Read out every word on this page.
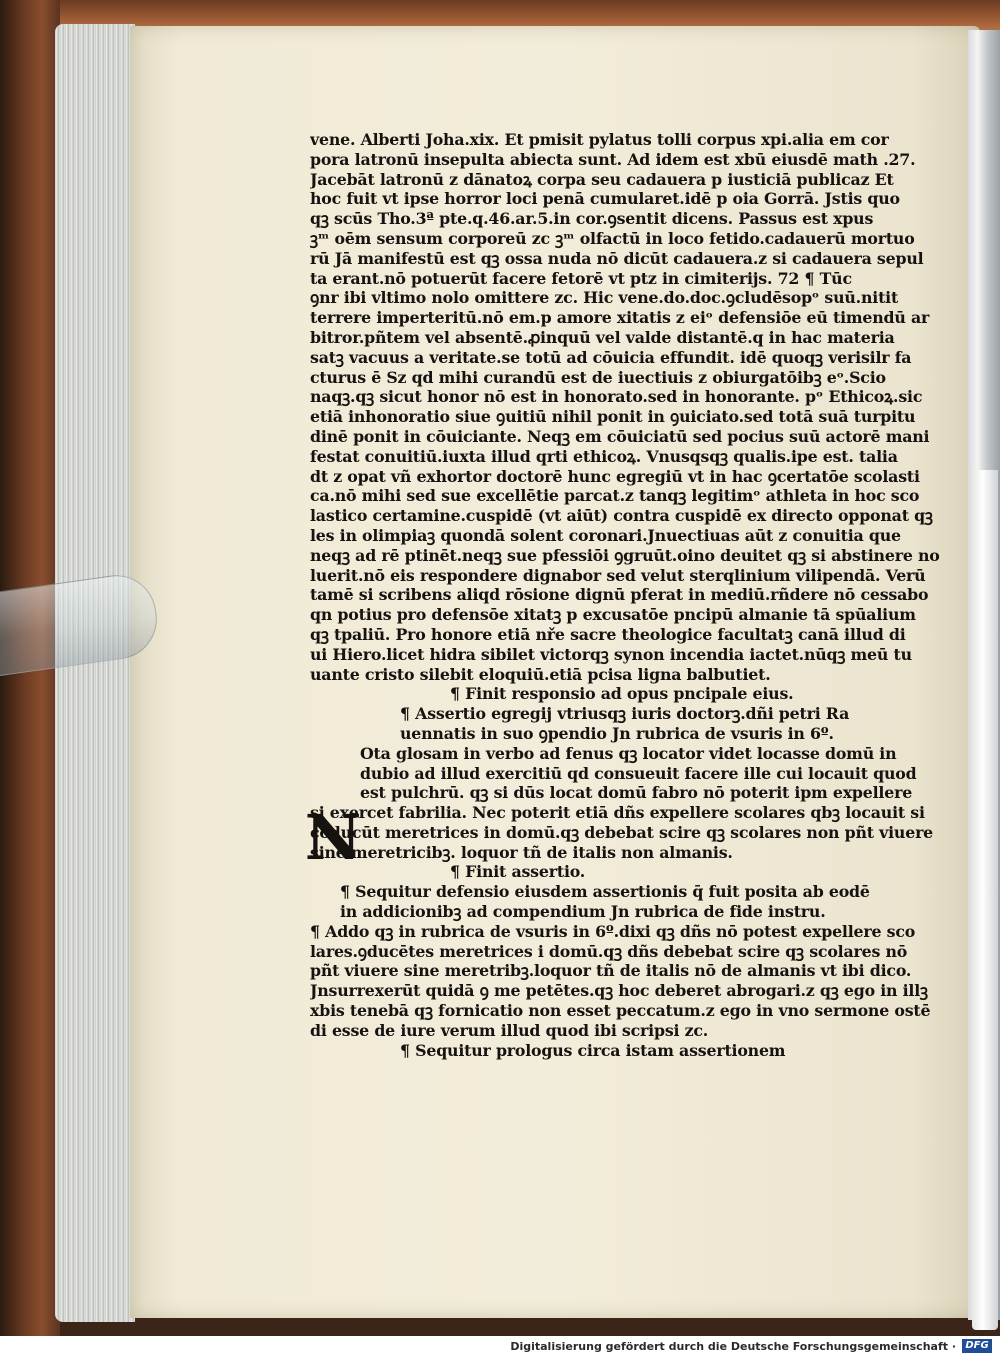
N
vene. Alberti Joha.xix. Et pmisit pylatus tolli corpus xpi.alia em cor
pora latronū insepulta abiecta sunt. Ad idem est xbū eiusdē math .27.
Jacebāt latronū z dānatoꝝ corpa seu cadauera p iusticiā publicaz Et
hoc fuit vt ipse horror loci penā cumularet.idē p oia Gorrā. Jstis quo
qꝫ scūs Tho.3ª pte.q.46.ar.5.in cor.ꝯsentit dicens. Passus est xpus
ꝫᵐ oēm sensum corporeū zc ꝫᵐ olfactū in loco fetido.cadauerū mortuo
rū Jā manifestū est qꝫ ossa nuda nō dicūt cadauera.z si cadauera sepul
ta erant.nō potuerūt facere fetorē vt ptz in cimiterijs. 72 ¶ Tūc
ꝯnr ibi vltimo nolo omittere zc. Hic vene.do.doc.ꝯcludēsopᵒ suū.nitit
terrere imperteritū.nō em.p amore xitatis z eiᵒ defensiōe eū timendū ar
bitror.pñtem vel absentē.ꝓinquū vel valde distantē.q in hac materia
satꝫ vacuus a veritate.se totū ad cōuicia effundit. idē quoqꝫ verisilr fa
cturus ē Sz qd mihi curandū est de iuectiuis z obiurgatōibꝫ eᵒ.Scio
naqꝫ.qꝫ sicut honor nō est in honorato.sed in honorante. pᵒ Ethicoꝝ.sic
etiā inhonoratio siue ꝯuitiū nihil ponit in ꝯuiciato.sed totā suā turpitu
dinē ponit in cōuiciante. Neqꝫ em cōuiciatū sed pocius suū actorē mani
festat conuitiū.iuxta illud qrti ethicoꝝ. Vnusqsqꝫ qualis.ipe est. talia
dt z opat vñ exhortor doctorē hunc egregiū vt in hac ꝯcertatōe scolasti
ca.nō mihi sed sue excellētie parcat.z tanqꝫ legitimᵒ athleta in hoc sco
lastico certamine.cuspidē (vt aiūt) contra cuspidē ex directo opponat qꝫ
les in olimpiaꝫ quondā solent coronari.Jnuectiuas aūt z conuitia que
neqꝫ ad rē ptinēt.neqꝫ sue pfessiōi ꝯgruūt.oino deuitet qꝫ si abstinere no
luerit.nō eis respondere dignabor sed velut sterqlinium vilipendā. Verū
tamē si scribens aliqd rōsione dignū pferat in mediū.rñdere nō cessabo
qn potius pro defensōe xitatꝫ p excusatōe pncipū almanie tā spūalium
qꝫ tpaliū. Pro honore etiā nře sacre theologice facultatꝫ canā illud di
ui Hiero.licet hidra sibilet victorqꝫ synon incendia iactet.nūqꝫ meū tu
uante cristo silebit eloquiū.etiā pcisa ligna balbutiet.
¶ Finit responsio ad opus pncipale eius.
¶ Assertio egregij vtriusqꝫ iuris doctorꝫ.dñi petri Ra
uennatis in suo ꝯpendio Jn rubrica de vsuris in 6º.
Ota glosam in verbo ad fenus qꝫ locator videt locasse domū in
dubio ad illud exercitiū qd consueuit facere ille cui locauit quod
est pulchrū. qꝫ si dūs locat domū fabro nō poterit ipm expellere
si exercet fabrilia. Nec poterit etiā dñs expellere scolares qbꝫ locauit si
cōducūt meretrices in domū.qꝫ debebat scire qꝫ scolares non pñt viuere
sine meretricibꝫ. loquor tñ de italis non almanis.
¶ Finit assertio.
¶ Sequitur defensio eiusdem assertionis q̄ fuit posita ab eodē
in addicionibꝫ ad compendium Jn rubrica de fide instru.
¶ Addo qꝫ in rubrica de vsuris in 6º.dixi qꝫ dñs nō potest expellere sco
lares.ꝯducētes meretrices i domū.qꝫ dñs debebat scire qꝫ scolares nō
pñt viuere sine meretribꝫ.loquor tñ de italis nō de almanis vt ibi dico.
Jnsurrexerūt quidā ꝯ me petētes.qꝫ hoc deberet abrogari.z qꝫ ego in illꝫ
xbis tenebā qꝫ fornicatio non esset peccatum.z ego in vno sermone ostē
di esse de iure verum illud quod ibi scripsi zc.
¶ Sequitur prologus circa istam assertionem
Digitalisierung gefördert durch die Deutsche Forschungsgemeinschaft · DFG
